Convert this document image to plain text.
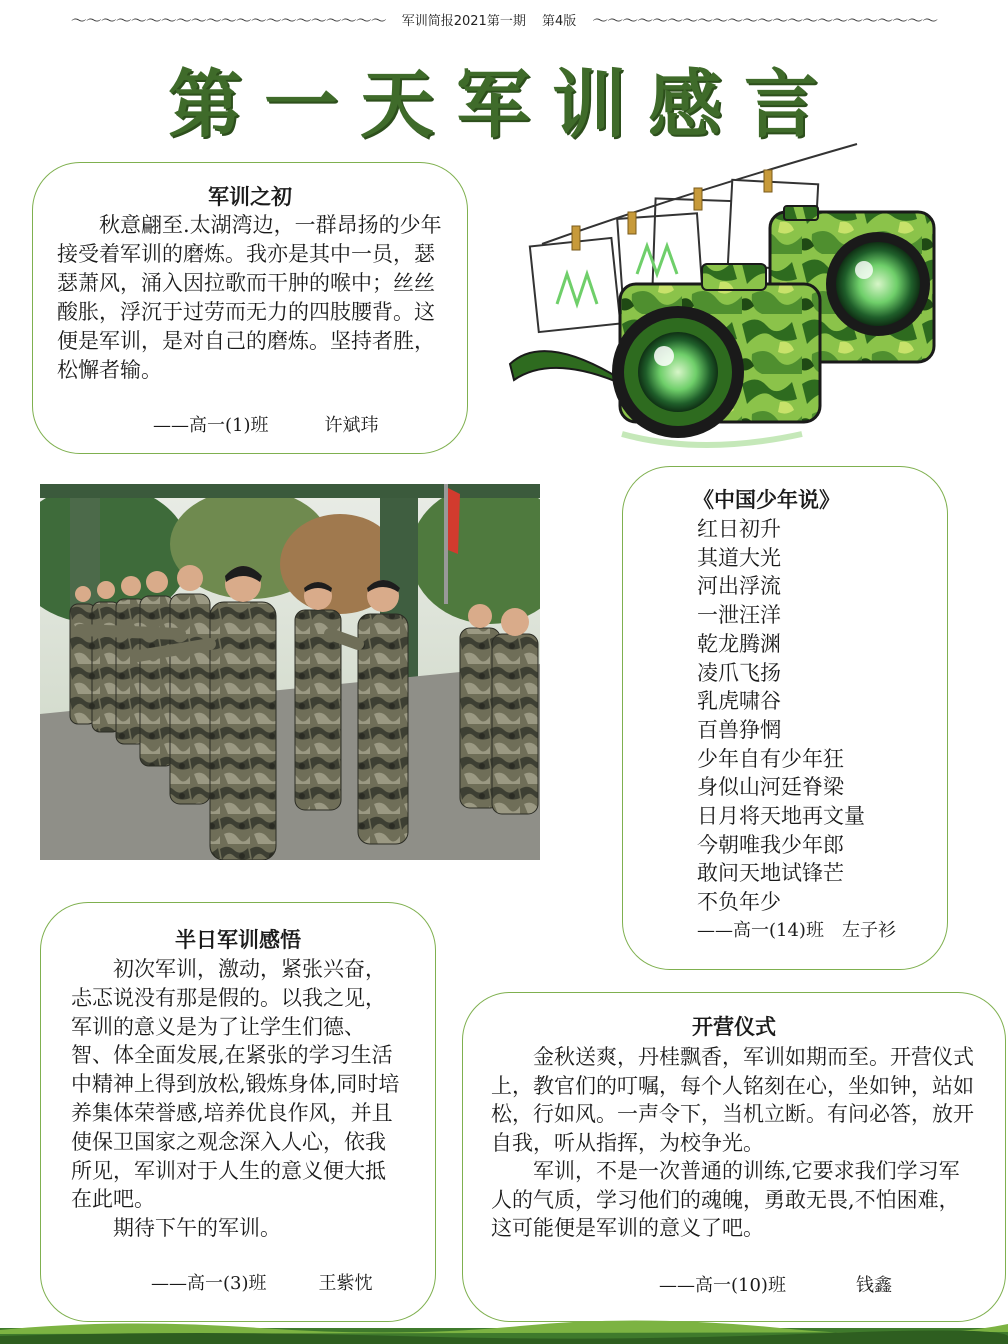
～～～～～～～～～～～～～～～～～～～～～	军训简报2021第一期 第4版	～～～～～～～～～～～～～～～～～～～～～～～
第一天军训感言
军训之初

秋意翩至.太湖湾边，一群昂扬的少年接受着军训的磨炼。我亦是其中一员，瑟瑟萧风，涌入因拉歌而干肿的喉中；丝丝酸胀，浮沉于过劳而无力的四肢腰背。这便是军训，是对自己的磨炼。坚持者胜，松懈者输。

——高一(1)班	许斌玮
《中国少年说》
红日初升
其道大光
河出浮流
一泄汪洋
乾龙腾渊
凌爪飞扬
乳虎啸谷
百兽狰惘
少年自有少年狂
身似山河廷脊梁
日月将天地再文量
今朝唯我少年郎
敢问天地试锋芒
不负年少
——高一(14)班 左子衫
半日军训感悟

初次军训，激动，紧张兴奋，忐忑说没有那是假的。以我之见，军训的意义是为了让学生们德、智、体全面发展,在紧张的学习生活中精神上得到放松,锻炼身体,同时培养集体荣誉感,培养优良作风，并且使保卫国家之观念深入人心，依我所见，军训对于人生的意义便大抵在此吧。

期待下午的军训。

——高一(3)班	王紫忱
开营仪式

金秋送爽，丹桂飘香，军训如期而至。开营仪式上，教官们的叮嘱，每个人铭刻在心，坐如钟，站如松，行如风。一声令下，当机立断。有问必答，放开自我，听从指挥，为校争光。

军训，不是一次普通的训练,它要求我们学习军人的气质，学习他们的魂魄，勇敢无畏,不怕困难，这可能便是军训的意义了吧。

——高一(10)班	钱鑫
